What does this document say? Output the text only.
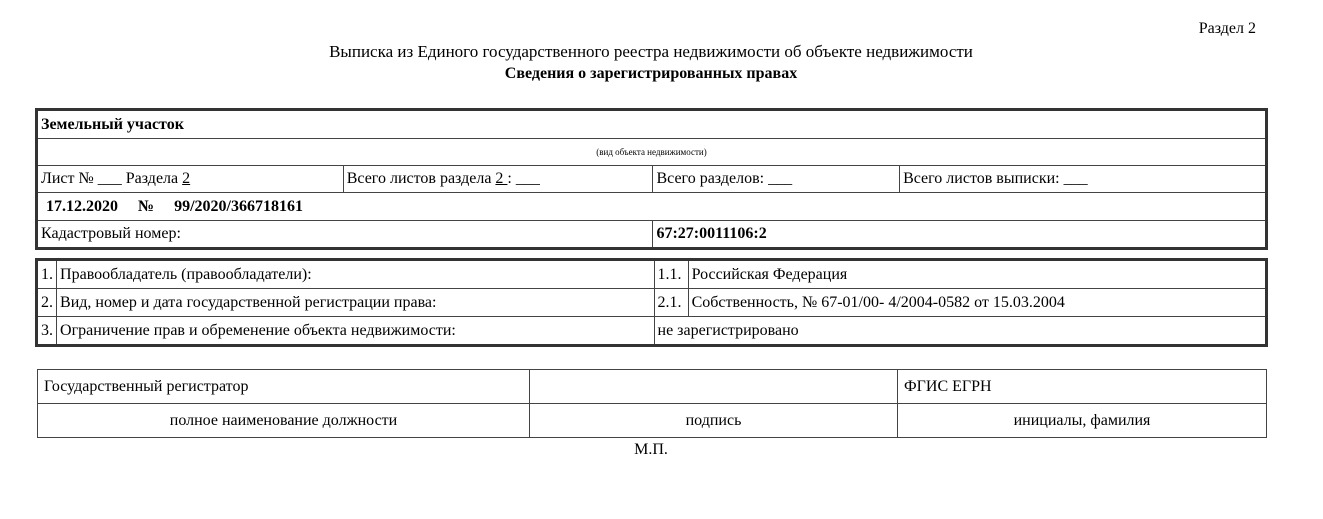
Раздел 2
Выписка из Единого государственного реестра недвижимости об объекте недвижимости
Сведения о зарегистрированных правах
Земельный участок			
(вид объекта недвижимости)			
Лист № ___ Раздела 2	Всего листов раздела 2 : ___	Всего разделов: ___	Всего листов выписки: ___
17.12.2020 № 99/2020/366718161			
Кадастровый номер:		67:27:0011106:2	
1.	Правообладатель (правообладатели):	1.1.	Российская Федерация
2.	Вид, номер и дата государственной регистрации права:	2.1.	Собственность, № 67-01/00- 4/2004-0582 от 15.03.2004
3.	Ограничение прав и обременение объекта недвижимости:	не зарегистрировано	
Государственный регистратор		ФГИС ЕГРН
полное наименование должности	подпись	инициалы, фамилия
М.П.
